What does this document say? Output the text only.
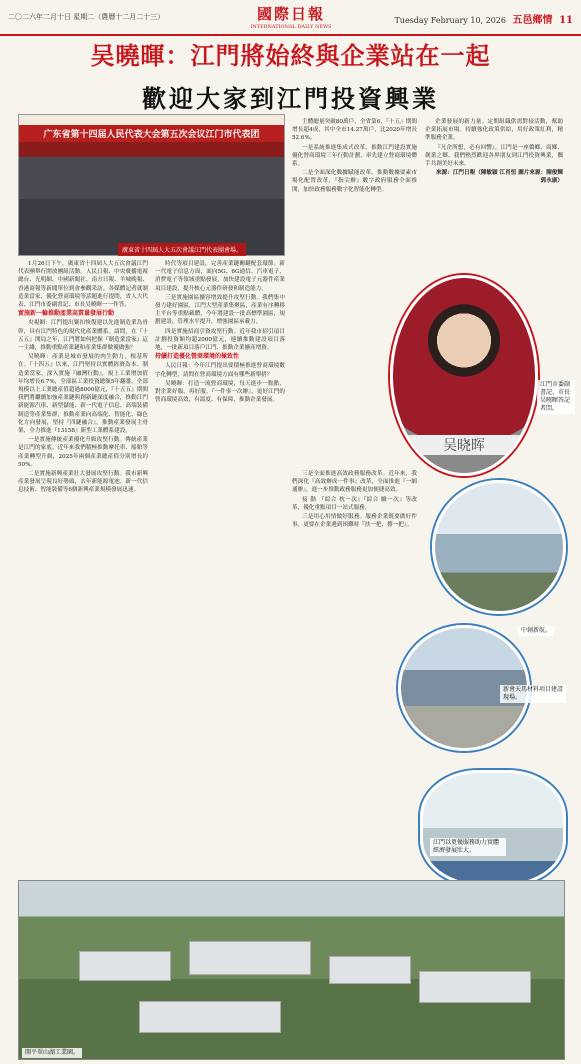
二〇二六年二月十日 星期二（農曆十二月二十三）	國際日報
INTERNATIONAL DAILY NEWS
Tuesday February 10, 2026 五邑鄉情 11
吴曉暉：江門將始終與企業站在一起
歡迎大家到江門投資興業
广东省第十四届人民代表大会第五次会议江门市代表团
廣東省十四屆人大五次會議江門代表團會場。

1月26日下午，廣東省十四屆人大五次會議江門代表團舉行開放團組活動。人民日報、中央廣播電視總台、光明網、中國新聞社、南方日報、羊城晚報、香港商報等新聞單位到會參觀采訪。各媒體記者就制造業當家、優化營商環境等話題進行提問，省人大代表、江門市委副書記、市長吴曉暉一一作答。

實施新一輪推動產業高質量發展行動

央視網：江門提出緊扣恢復建以先進制造業為骨幹，具有江門特色的現代化產業體系。請問，在『十五五』開局之年，江門將如何把握『制造業當家』這一主綫，推動重點產業鏈和產業集群做優做強？

吴曉暉：產業是城市發展的肉生動力，根基所在。『十四五』以來，江門堅持以實體經濟為本、制造業當家，深入實施『融灣行動』，規上工業增加值年均增長6.7%，全部區工業投資總額5年翻番，全部規模以上工業總產值超過8000億元，『十五五』期間我們將繼續加強產業鏈與創新鏈深度融合，推動江門新能源汽車、新型儲能、新一代電子信息、高端装備制造等產業集群，推動產業向高端化、智能化、綠色化方向發展，堅持『四鏈融合』，推動產業發展主骨架，全力推進『13158』新型工業體系建設。

一是實施傳統產業優化升級攻堅行動。傳統產業是江門的家底。近年來我們積極推動摩托車、船舶等產業轉型升級，2025年兩個產業總產值分別增長約50%。

二是實施新興產業壯大發展攻堅行動。我市新興產業發展呈現良好勢頭，去年新能源電池、新一代信息技術、智能裝備等6個新興產業規模發展迅速。

時代等項目建設，完善產業鏈關鍵配套環節。新一代電子信息方面，面向5G、6G通信、汽車電子、消費電子等領域重點發展，加快建設電子元器件產業項目建設，提升核心元器件研發和制造能力。

三是實施園區擴容增效提升攻堅行動。我們集中發力建好園區，江門大型產業集聚區，產業有序轉移主平台等重點載體，今年將建設一批高標準園區，規劃建設、管理水平提升，增強園區承載力。

四是實施招商引資攻堅行動。近年我市招引項目計劃投資額均超2000億元，連續推動建設項目落地，一批新項目落戶江門、推動企業擴產增資。

持續打造優化營商環境的極致性

人民日報：今年江門提出要積極推進營商環境數字化轉型，請問在營商環境方面有哪些新舉措？

吴曉暉：打造一流營商環境，每天進步一點點，對企業好服、再好服。『一件事一次辦』，更好江門的營商環境高效、有溫度、有保障，推動企業發展。

主體總量突破80萬戶，全省第6，『十五』期間增長超4成，其中全市14.27萬戶，比2020年增長52.6%。

一是系統推進集成式改革。推動江門建設實施優化營商環境三年行動計劃，率先建立營商環境體系。

二是全面深化數據賦能改革。推動數據要素市場化配置改革，『指尖辦』數字政府服務全面推開，加快政務服務數字化智能化轉型。

三是全面推進高效政務服務改革。近年來，我們深化『高效辦成一件事』改革，全面推進『一網通辦』，進一步推動政務服務更加便捷高效。

接 動 『綜合 枕一次』『綜合 驗一次』等改革，優化重點項目一站式服務。

三是用心用情做好服務。服務企業既要做好件事，更要在企業遇到困難時『扶一把、撐一把』。

企業發展的新力量。定期組織供需對接活動，幫助企業拓展市場。持續強化政策供給，用好政策紅利，精準服務企業。

『凡企所想，必有回響』。江門是一座僑鄉、商鄉、創業之鄉。我們熱烈歡迎各界朋友到江門投資興業，攜手共創美好未來。

來源：江門日報（陳敏穎 江肖恒 圖片來源：陳俊輝 郭永康）

吴晓晖
江門市委副書記、市長吴曉暉答記者問。
中創新航。
新會天馬材料項目建設現場。
江門以更優服務助力實體經濟發展壯大。
開平翠山湖工業園。
